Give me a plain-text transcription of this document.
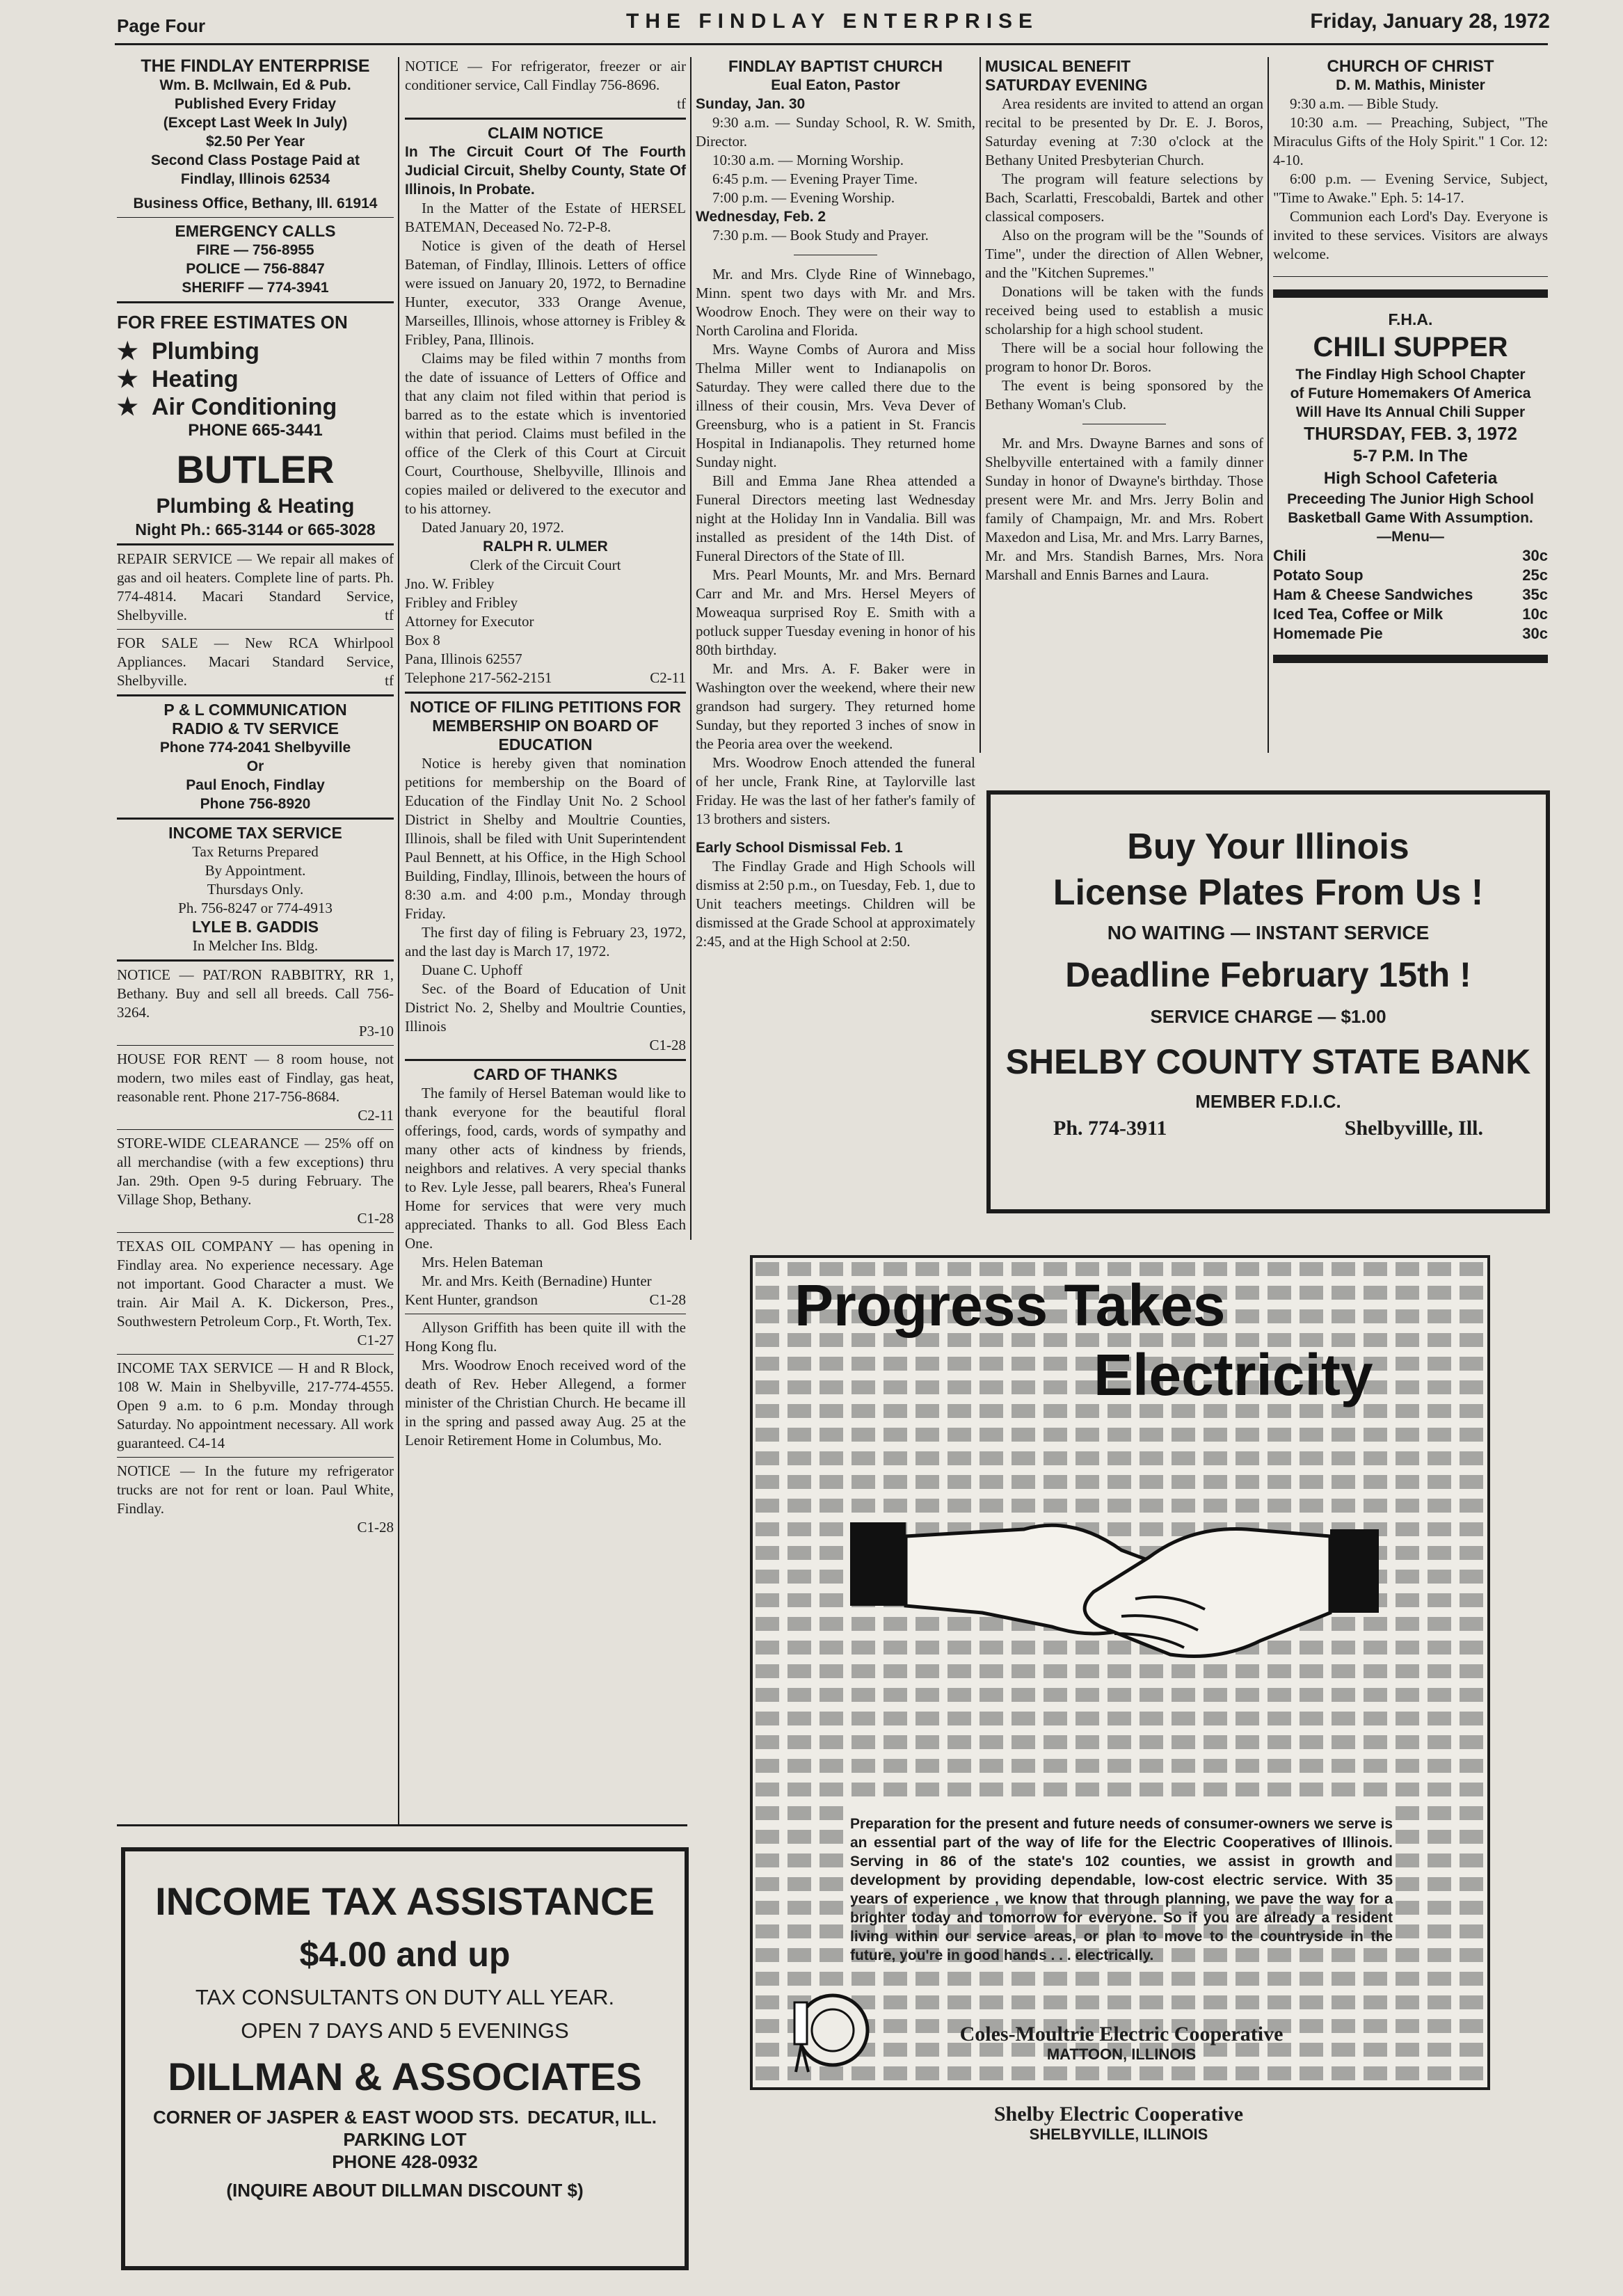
Page Four	THE FINDLAY ENTERPRISE	Friday, January 28, 1972
THE FINDLAY ENTERPRISE
Wm. B. McIlwain, Ed & Pub.
Published Every Friday
(Except Last Week In July)
$2.50 Per Year
Second Class Postage Paid at
Findlay, Illinois 62534
Business Office, Bethany, Ill. 61914
EMERGENCY CALLS
FIRE — 756-8955
POLICE — 756-8847
SHERIFF — 774-3941
FOR FREE ESTIMATES ON
★ Plumbing
★ Heating
★ Air Conditioning
PHONE 665-3441
BUTLER
Plumbing & Heating
Night Ph.: 665-3144 or 665-3028
REPAIR SERVICE — We repair all makes of gas and oil heaters. Complete line of parts. Ph. 774-4814. Macari Standard Service, Shelbyville.	tf
FOR SALE — New RCA Whirlpool Appliances. Macari Standard Service, Shelbyville.	tf
P & L COMMUNICATION
RADIO & TV SERVICE
Phone 774-2041 Shelbyville
Or
Paul Enoch, Findlay
Phone 756-8920
INCOME TAX SERVICE
Tax Returns Prepared
By Appointment.
Thursdays Only.
Ph. 756-8247 or 774-4913
LYLE B. GADDIS
In Melcher Ins. Bldg.
NOTICE — PAT/RON RABBITRY, RR 1, Bethany. Buy and sell all breeds. Call 756-3264.
P3-10
HOUSE FOR RENT — 8 room house, not modern, two miles east of Findlay, gas heat, reasonable rent. Phone 217-756-8684.
C2-11
STORE-WIDE CLEARANCE — 25% off on all merchandise (with a few exceptions) thru Jan. 29th. Open 9-5 during February. The Village Shop, Bethany.
C1-28
TEXAS OIL COMPANY — has opening in Findlay area. No experience necessary. Age not important. Good Character a must. We train. Air Mail A. K. Dickerson, Pres., Southwestern Petroleum Corp., Ft. Worth, Tex.
C1-27
INCOME TAX SERVICE — H and R Block, 108 W. Main in Shelbyville, 217-774-4555. Open 9 a.m. to 6 p.m. Monday through Saturday. No appointment necessary. All work guaranteed. C4-14
NOTICE — In the future my refrigerator trucks are not for rent or loan. Paul White, Findlay.
C1-28
NOTICE — For refrigerator, freezer or air conditioner service, Call Findlay 756-8696.
tf
CLAIM NOTICE
In The Circuit Court Of The Fourth Judicial Circuit, Shelby County, State Of Illinois, In Probate.
In the Matter of the Estate of HERSEL BATEMAN, Deceased No. 72-P-8.
Notice is given of the death of Hersel Bateman, of Findlay, Illinois. Letters of office were issued on January 20, 1972, to Bernadine Hunter, executor, 333 Orange Avenue, Marseilles, Illinois, whose attorney is Fribley & Fribley, Pana, Illinois.
Claims may be filed within 7 months from the date of issuance of Letters of Office and that any claim not filed within that period is barred as to the estate which is inventoried within that period. Claims must befiled in the office of the Clerk of this Court at Circuit Court, Courthouse, Shelbyville, Illinois and copies mailed or delivered to the executor and to his attorney.
Dated January 20, 1972.
RALPH R. ULMER
Clerk of the Circuit Court
Jno. W. Fribley
Fribley and Fribley
Attorney for Executor
Box 8
Pana, Illinois 62557
Telephone 217-562-2151	C2-11
NOTICE OF FILING PETITIONS FOR MEMBERSHIP ON BOARD OF EDUCATION
Notice is hereby given that nomination petitions for membership on the Board of Education of the Findlay Unit No. 2 School District in Shelby and Moultrie Counties, Illinois, shall be filed with Unit Superintendent Paul Bennett, at his Office, in the High School Building, Findlay, Illinois, between the hours of 8:30 a.m. and 4:00 p.m., Monday through Friday.
The first day of filing is February 23, 1972, and the last day is March 17, 1972.
Duane C. Uphoff
Sec. of the Board of Education of Unit District No. 2, Shelby and Moultrie Counties, Illinois
C1-28
CARD OF THANKS
The family of Hersel Bateman would like to thank everyone for the beautiful floral offerings, food, cards, words of sympathy and many other acts of kindness by friends, neighbors and relatives. A very special thanks to Rev. Lyle Jesse, pall bearers, Rhea's Funeral Home for services that were very much appreciated. Thanks to all. God Bless Each One.
Mrs. Helen Bateman
Mr. and Mrs. Keith (Bernadine) Hunter
Kent Hunter, grandson	C1-28
Allyson Griffith has been quite ill with the Hong Kong flu.
Mrs. Woodrow Enoch received word of the death of Rev. Heber Allegend, a former minister of the Christian Church. He became ill in the spring and passed away Aug. 25 at the Lenoir Retirement Home in Columbus, Mo.
FINDLAY BAPTIST CHURCH
Eual Eaton, Pastor
Sunday, Jan. 30
9:30 a.m. — Sunday School, R. W. Smith, Director.
10:30 a.m. — Morning Worship.
6:45 p.m. — Evening Prayer Time.
7:00 p.m. — Evening Worship.
Wednesday, Feb. 2
7:30 p.m. — Book Study and Prayer.
Mr. and Mrs. Clyde Rine of Winnebago, Minn. spent two days with Mr. and Mrs. Woodrow Enoch. They were on their way to North Carolina and Florida.
Mrs. Wayne Combs of Aurora and Miss Thelma Miller went to Indianapolis on Saturday. They were called there due to the illness of their cousin, Mrs. Veva Dever of Greensburg, who is a patient in St. Francis Hospital in Indianapolis. They returned home Sunday night.
Bill and Emma Jane Rhea attended a Funeral Directors meeting last Wednesday night at the Holiday Inn in Vandalia. Bill was installed as president of the 14th Dist. of Funeral Directors of the State of Ill.
Mrs. Pearl Mounts, Mr. and Mrs. Bernard Carr and Mr. and Mrs. Hersel Meyers of Moweaqua surprised Roy E. Smith with a potluck supper Tuesday evening in honor of his 80th birthday.
Mr. and Mrs. A. F. Baker were in Washington over the weekend, where their new grandson had surgery. They returned home Sunday, but they reported 3 inches of snow in the Peoria area over the weekend.
Mrs. Woodrow Enoch attended the funeral of her uncle, Frank Rine, at Taylorville last Friday. He was the last of her father's family of 13 brothers and sisters.
Early School Dismissal Feb. 1
The Findlay Grade and High Schools will dismiss at 2:50 p.m., on Tuesday, Feb. 1, due to Unit teachers meetings. Children will be dismissed at the Grade School at approximately 2:45, and at the High School at 2:50.
MUSICAL BENEFIT
SATURDAY EVENING
Area residents are invited to attend an organ recital to be presented by Dr. E. J. Boros, Saturday evening at 7:30 o'clock at the Bethany United Presbyterian Church.
The program will feature selections by Bach, Scarlatti, Frescobaldi, Bartek and other classical composers.
Also on the program will be the "Sounds of Time", under the direction of Allen Webner, and the "Kitchen Supremes."
Donations will be taken with the funds received being used to establish a music scholarship for a high school student.
There will be a social hour following the program to honor Dr. Boros.
The event is being sponsored by the Bethany Woman's Club.
Mr. and Mrs. Dwayne Barnes and sons of Shelbyville entertained with a family dinner Sunday in honor of Dwayne's birthday. Those present were Mr. and Mrs. Jerry Bolin and family of Champaign, Mr. and Mrs. Robert Maxedon and Lisa, Mr. and Mrs. Larry Barnes, Mr. and Mrs. Standish Barnes, Mrs. Nora Marshall and Ennis Barnes and Laura.
CHURCH OF CHRIST
D. M. Mathis, Minister
9:30 a.m. — Bible Study.
10:30 a.m. — Preaching, Subject, "The Miraculus Gifts of the Holy Spirit." 1 Cor. 12: 4-10.
6:00 p.m. — Evening Service, Subject, "Time to Awake." Eph. 5: 14-17.
Communion each Lord's Day. Everyone is invited to these services. Visitors are always welcome.
F.H.A.
CHILI SUPPER
The Findlay High School Chapter
of Future Homemakers Of America
Will Have Its Annual Chili Supper
THURSDAY, FEB. 3, 1972
5-7 P.M. In The
High School Cafeteria
Preceeding The Junior High School
Basketball Game With Assumption.
—Menu—
Chili	30c
Potato Soup	25c
Ham & Cheese Sandwiches	35c
Iced Tea, Coffee or Milk	10c
Homemade Pie	30c
Buy Your Illinois
License Plates From Us !
NO WAITING — INSTANT SERVICE
Deadline February 15th !
SERVICE CHARGE — $1.00
SHELBY COUNTY STATE BANK
MEMBER F.D.I.C.
Ph. 774-3911	Shelbyvillle, Ill.
INCOME TAX ASSISTANCE
$4.00 and up
TAX CONSULTANTS ON DUTY ALL YEAR.
OPEN 7 DAYS AND 5 EVENINGS
DILLMAN & ASSOCIATES
CORNER OF JASPER & EAST WOOD STS. DECATUR, ILL.
PARKING LOT
PHONE 428-0932
(INQUIRE ABOUT DILLMAN DISCOUNT $)
Progress Takes
Electricity
Preparation for the present and future needs of consumer-owners we serve is an essential part of the way of life for the Electric Cooperatives of Illinois. Serving in 86 of the state's 102 counties, we assist in growth and development by providing dependable, low-cost electric service. With 35 years of experience , we know that through planning, we pave the way for a brighter today and tomorrow for everyone. So if you are already a resident living within our service areas, or plan to move to the countryside in the future, you're in good hands . . . electrically.
Coles-Moultrie Electric Cooperative
MATTOON, ILLINOIS
Shelby Electric Cooperative
SHELBYVILLE, ILLINOIS
